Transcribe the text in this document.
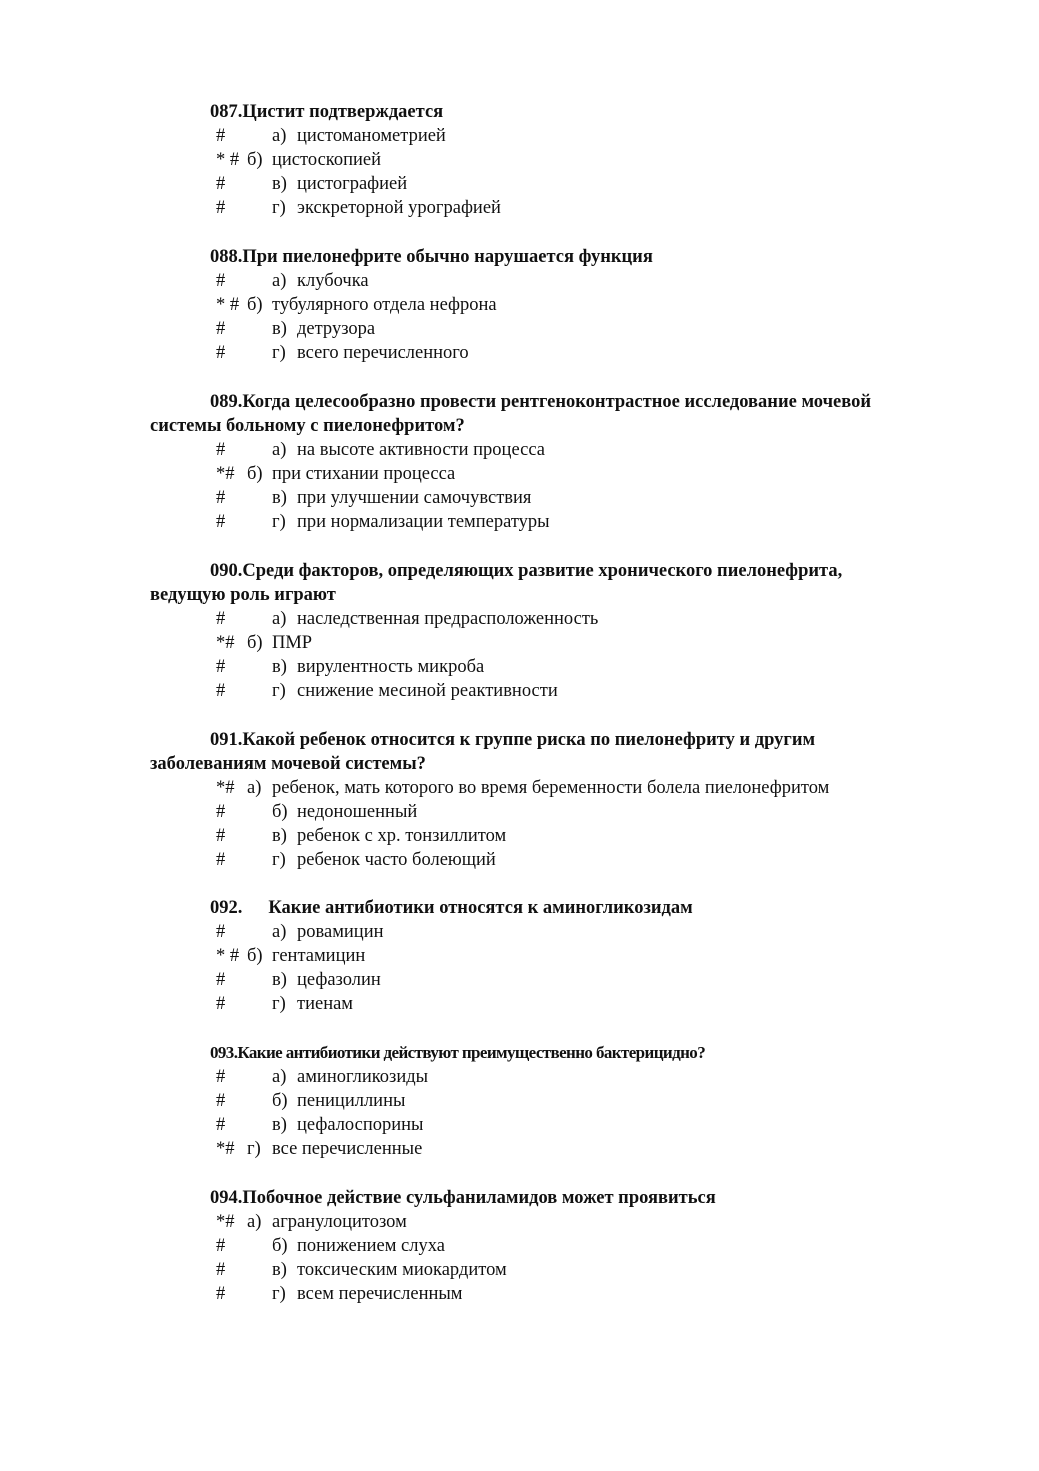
087.Цистит подтверждается

#	а) цистоманометрией
* # б) цистоскопией
#	в) цистографией
#	г) экскреторной урографией

088.При пиелонефрите обычно нарушается функция

#	а) клубочка
* # б) тубулярного отдела нефрона
#	в) детрузора
#	г) всего перечисленного

089.Когда целесообразно провести рентгеноконтрастное исследование мочевой

системы больному с пиелонефритом?

#	а) на высоте активности процесса
*# б) при стихании процесса
#	в) при улучшении самочувствия
#	г) при нормализации температуры

090.Среди факторов, определяющих развитие хронического пиелонефрита,

ведущую роль играют

#	а) наследственная предрасположенность
*# б) ПМР
#	в) вирулентность микроба
#	г) снижение месиной реактивности

091.Какой ребенок относится к группе риска по пиелонефриту и другим

заболеваниям мочевой системы?

*# а) ребенок, мать которого во время беременности болела пиелонефритом
#	б) недоношенный
#	в) ребенок с хр. тонзиллитом
#	г) ребенок часто болеющий

092. Какие антибиотики относятся к аминогликозидам

#	а) ровамицин
* # б) гентамицин
#	в) цефазолин
#	г) тиенам

093.Какие антибиотики действуют преимущественно бактерицидно?

#	а) аминогликозиды
#	б) пенициллины
#	в) цефалоспорины
*# г) все перечисленные

094.Побочное действие сульфаниламидов может проявиться

*# а) агранулоцитозом
#	б) понижением слуха
#	в) токсическим миокардитом
#	г) всем перечисленным
